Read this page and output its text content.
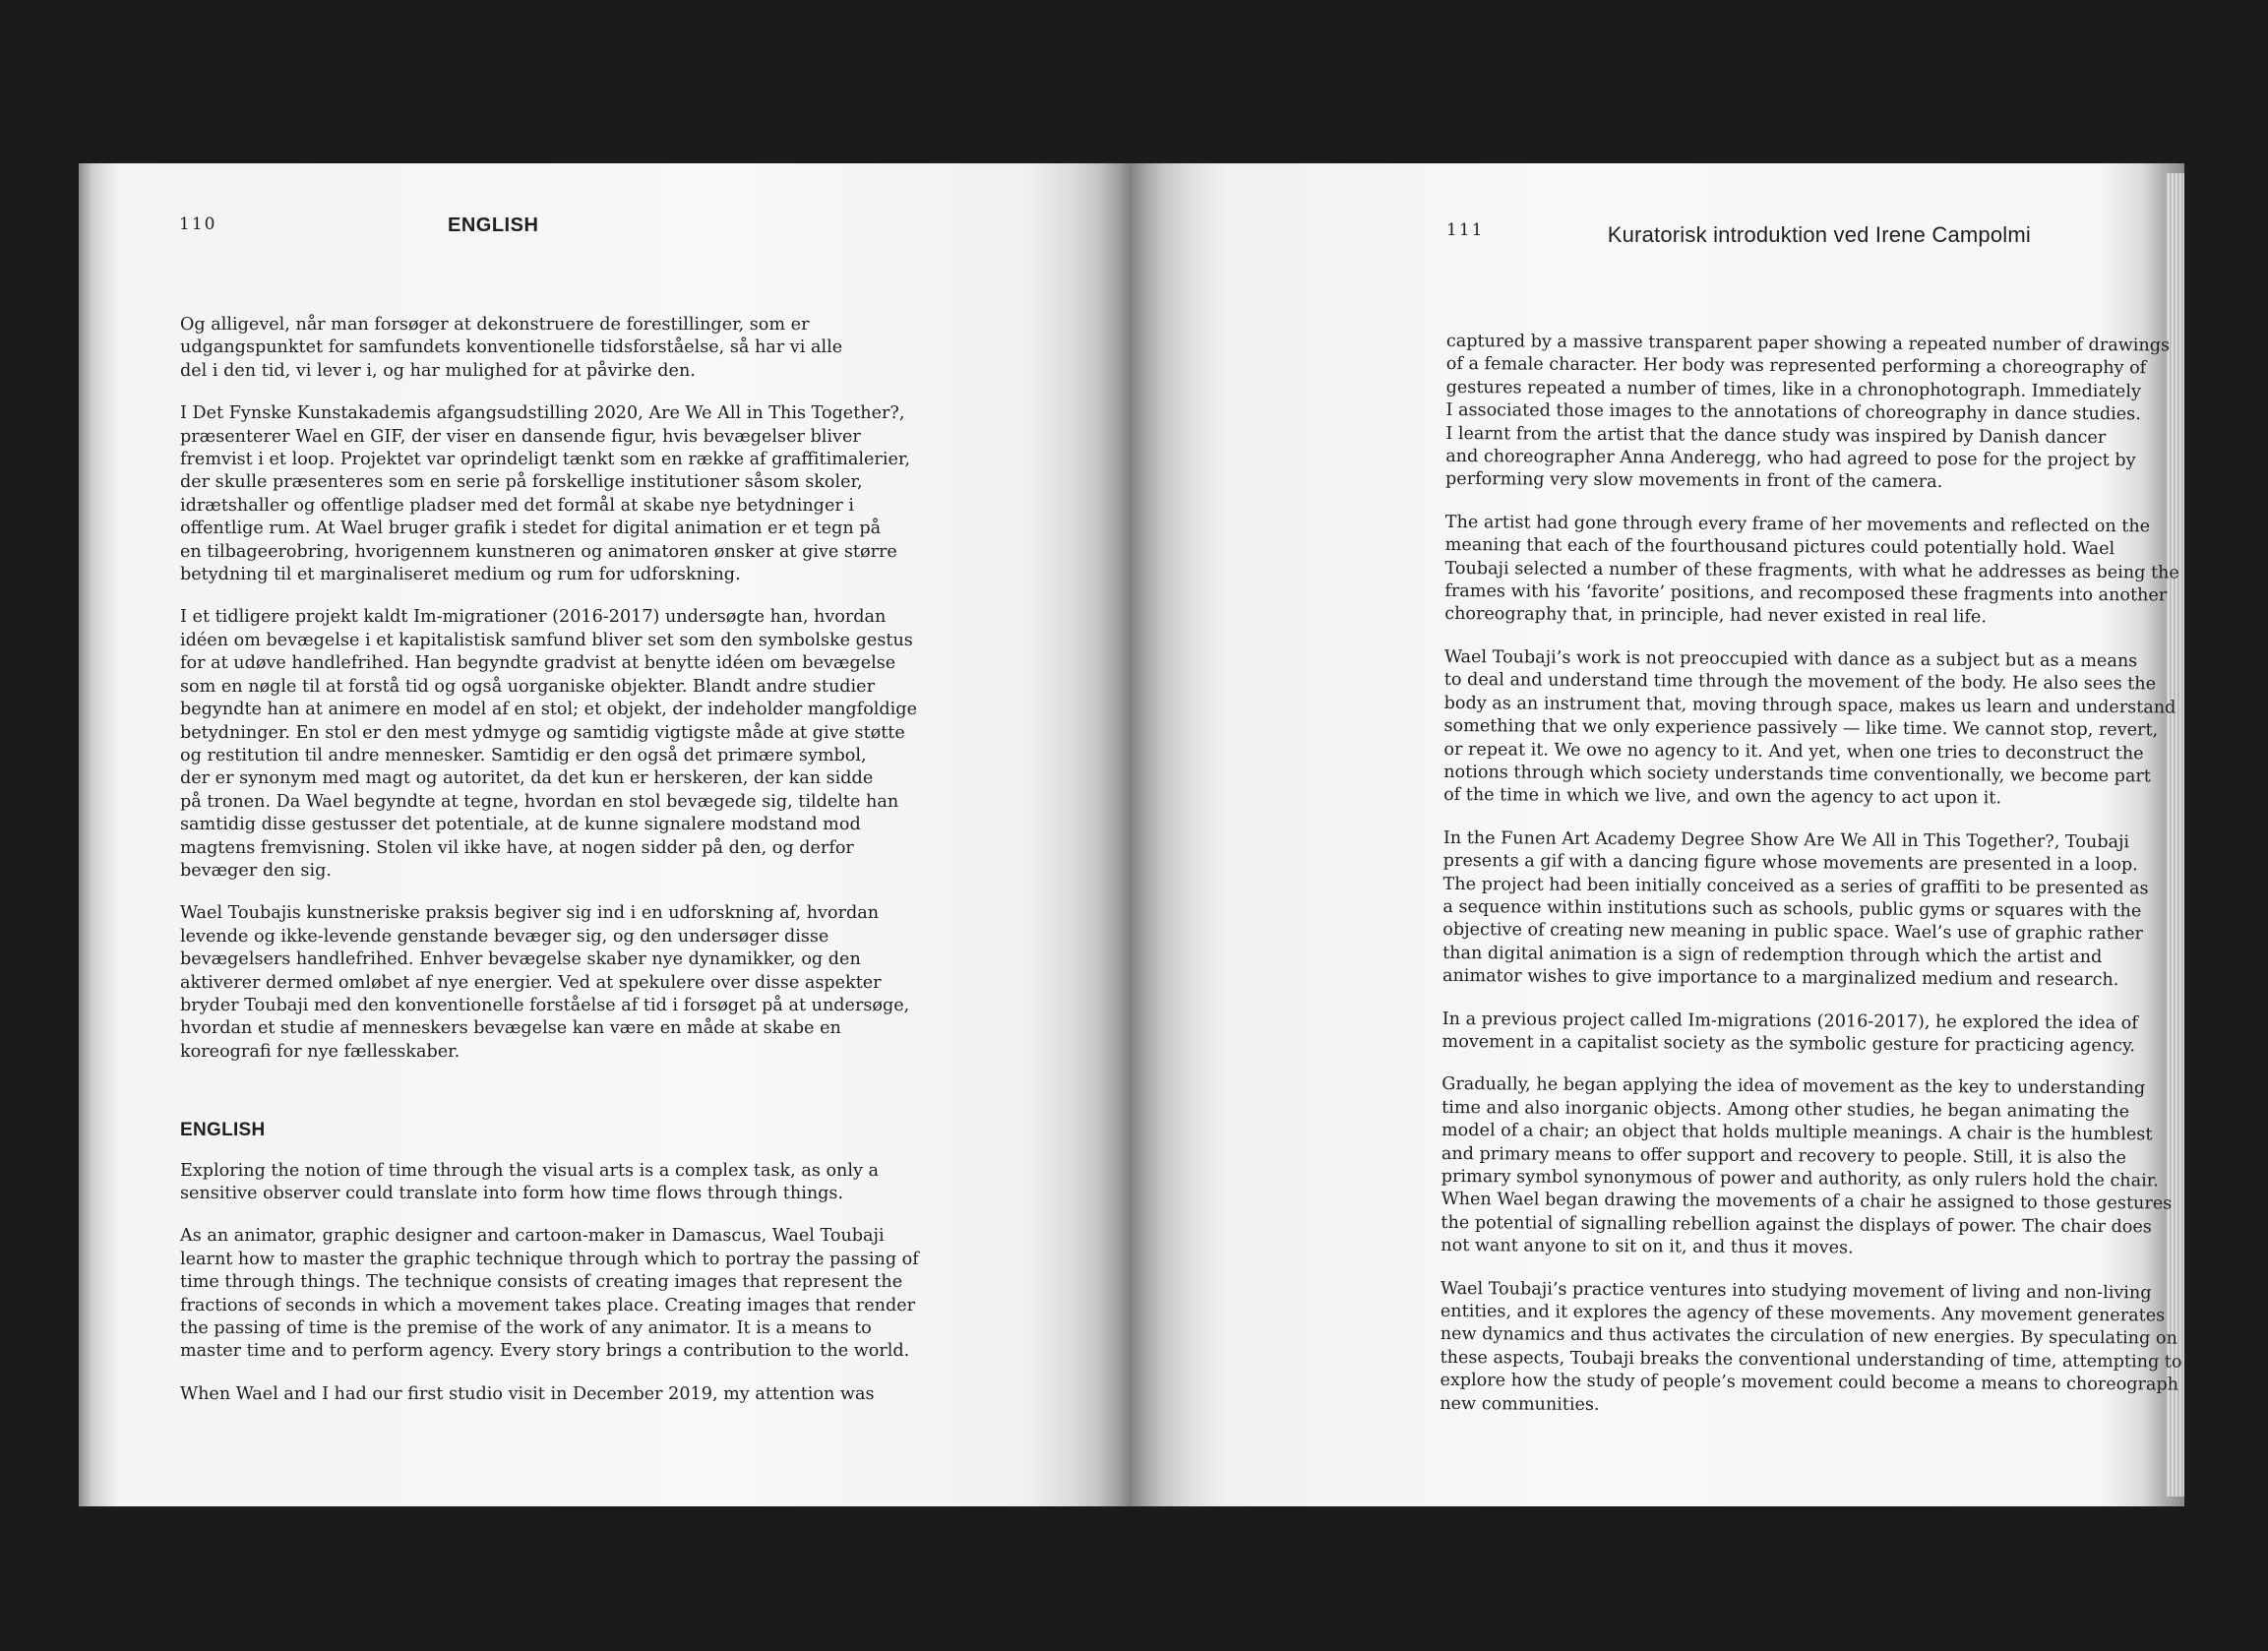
110	ENGLISH

Og alligevel, når man forsøger at dekonstruere de forestillinger, som er
udgangspunktet for samfundets konventionelle tidsforståelse, så har vi alle
del i den tid, vi lever i, og har mulighed for at påvirke den.

I Det Fynske Kunstakademis afgangsudstilling 2020, Are We All in This Together?,
præsenterer Wael en GIF, der viser en dansende figur, hvis bevægelser bliver
fremvist i et loop. Projektet var oprindeligt tænkt som en række af graffitimalerier,
der skulle præsenteres som en serie på forskellige institutioner såsom skoler,
idrætshaller og offentlige pladser med det formål at skabe nye betydninger i
offentlige rum. At Wael bruger grafik i stedet for digital animation er et tegn på
en tilbageerobring, hvorigennem kunstneren og animatoren ønsker at give større
betydning til et marginaliseret medium og rum for udforskning.

I et tidligere projekt kaldt Im-migrationer (2016-2017) undersøgte han, hvordan
idéen om bevægelse i et kapitalistisk samfund bliver set som den symbolske gestus
for at udøve handlefrihed. Han begyndte gradvist at benytte idéen om bevægelse
som en nøgle til at forstå tid og også uorganiske objekter. Blandt andre studier
begyndte han at animere en model af en stol; et objekt, der indeholder mangfoldige
betydninger. En stol er den mest ydmyge og samtidig vigtigste måde at give støtte
og restitution til andre mennesker. Samtidig er den også det primære symbol,
der er synonym med magt og autoritet, da det kun er herskeren, der kan sidde
på tronen. Da Wael begyndte at tegne, hvordan en stol bevægede sig, tildelte han
samtidig disse gestusser det potentiale, at de kunne signalere modstand mod
magtens fremvisning. Stolen vil ikke have, at nogen sidder på den, og derfor
bevæger den sig.

Wael Toubajis kunstneriske praksis begiver sig ind i en udforskning af, hvordan
levende og ikke-levende genstande bevæger sig, og den undersøger disse
bevægelsers handlefrihed. Enhver bevægelse skaber nye dynamikker, og den
aktiverer dermed omløbet af nye energier. Ved at spekulere over disse aspekter
bryder Toubaji med den konventionelle forståelse af tid i forsøget på at undersøge,
hvordan et studie af menneskers bevægelse kan være en måde at skabe en
koreografi for nye fællesskaber.

ENGLISH

Exploring the notion of time through the visual arts is a complex task, as only a
sensitive observer could translate into form how time flows through things.

As an animator, graphic designer and cartoon-maker in Damascus, Wael Toubaji
learnt how to master the graphic technique through which to portray the passing of
time through things. The technique consists of creating images that represent the
fractions of seconds in which a movement takes place. Creating images that render
the passing of time is the premise of the work of any animator. It is a means to
master time and to perform agency. Every story brings a contribution to the world.

When Wael and I had our first studio visit in December 2019, my attention was

111	Kuratorisk introduktion ved Irene Campolmi

captured by a massive transparent paper showing a repeated number of drawings
of a female character. Her body was represented performing a choreography of
gestures repeated a number of times, like in a chronophotograph. Immediately
I associated those images to the annotations of choreography in dance studies.
I learnt from the artist that the dance study was inspired by Danish dancer
and choreographer Anna Anderegg, who had agreed to pose for the project by
performing very slow movements in front of the camera.

The artist had gone through every frame of her movements and reflected on the
meaning that each of the fourthousand pictures could potentially hold. Wael
Toubaji selected a number of these fragments, with what he addresses as being the
frames with his ‘favorite’ positions, and recomposed these fragments into another
choreography that, in principle, had never existed in real life.

Wael Toubaji’s work is not preoccupied with dance as a subject but as a means
to deal and understand time through the movement of the body. He also sees the
body as an instrument that, moving through space, makes us learn and understand
something that we only experience passively — like time. We cannot stop, revert,
or repeat it. We owe no agency to it. And yet, when one tries to deconstruct the
notions through which society understands time conventionally, we become part
of the time in which we live, and own the agency to act upon it.

In the Funen Art Academy Degree Show Are We All in This Together?, Toubaji
presents a gif with a dancing figure whose movements are presented in a loop.
The project had been initially conceived as a series of graffiti to be presented as
a sequence within institutions such as schools, public gyms or squares with the
objective of creating new meaning in public space. Wael’s use of graphic rather
than digital animation is a sign of redemption through which the artist and
animator wishes to give importance to a marginalized medium and research.

In a previous project called Im-migrations (2016-2017), he explored the idea of
movement in a capitalist society as the symbolic gesture for practicing agency.

Gradually, he began applying the idea of movement as the key to understanding
time and also inorganic objects. Among other studies, he began animating the
model of a chair; an object that holds multiple meanings. A chair is the humblest
and primary means to offer support and recovery to people. Still, it is also the
primary symbol synonymous of power and authority, as only rulers hold the chair.
When Wael began drawing the movements of a chair he assigned to those gestures
the potential of signalling rebellion against the displays of power. The chair does
not want anyone to sit on it, and thus it moves.

Wael Toubaji’s practice ventures into studying movement of living and non-living
entities, and it explores the agency of these movements. Any movement generates
new dynamics and thus activates the circulation of new energies. By speculating on
these aspects, Toubaji breaks the conventional understanding of time, attempting to
explore how the study of people’s movement could become a means to choreograph
new communities.
